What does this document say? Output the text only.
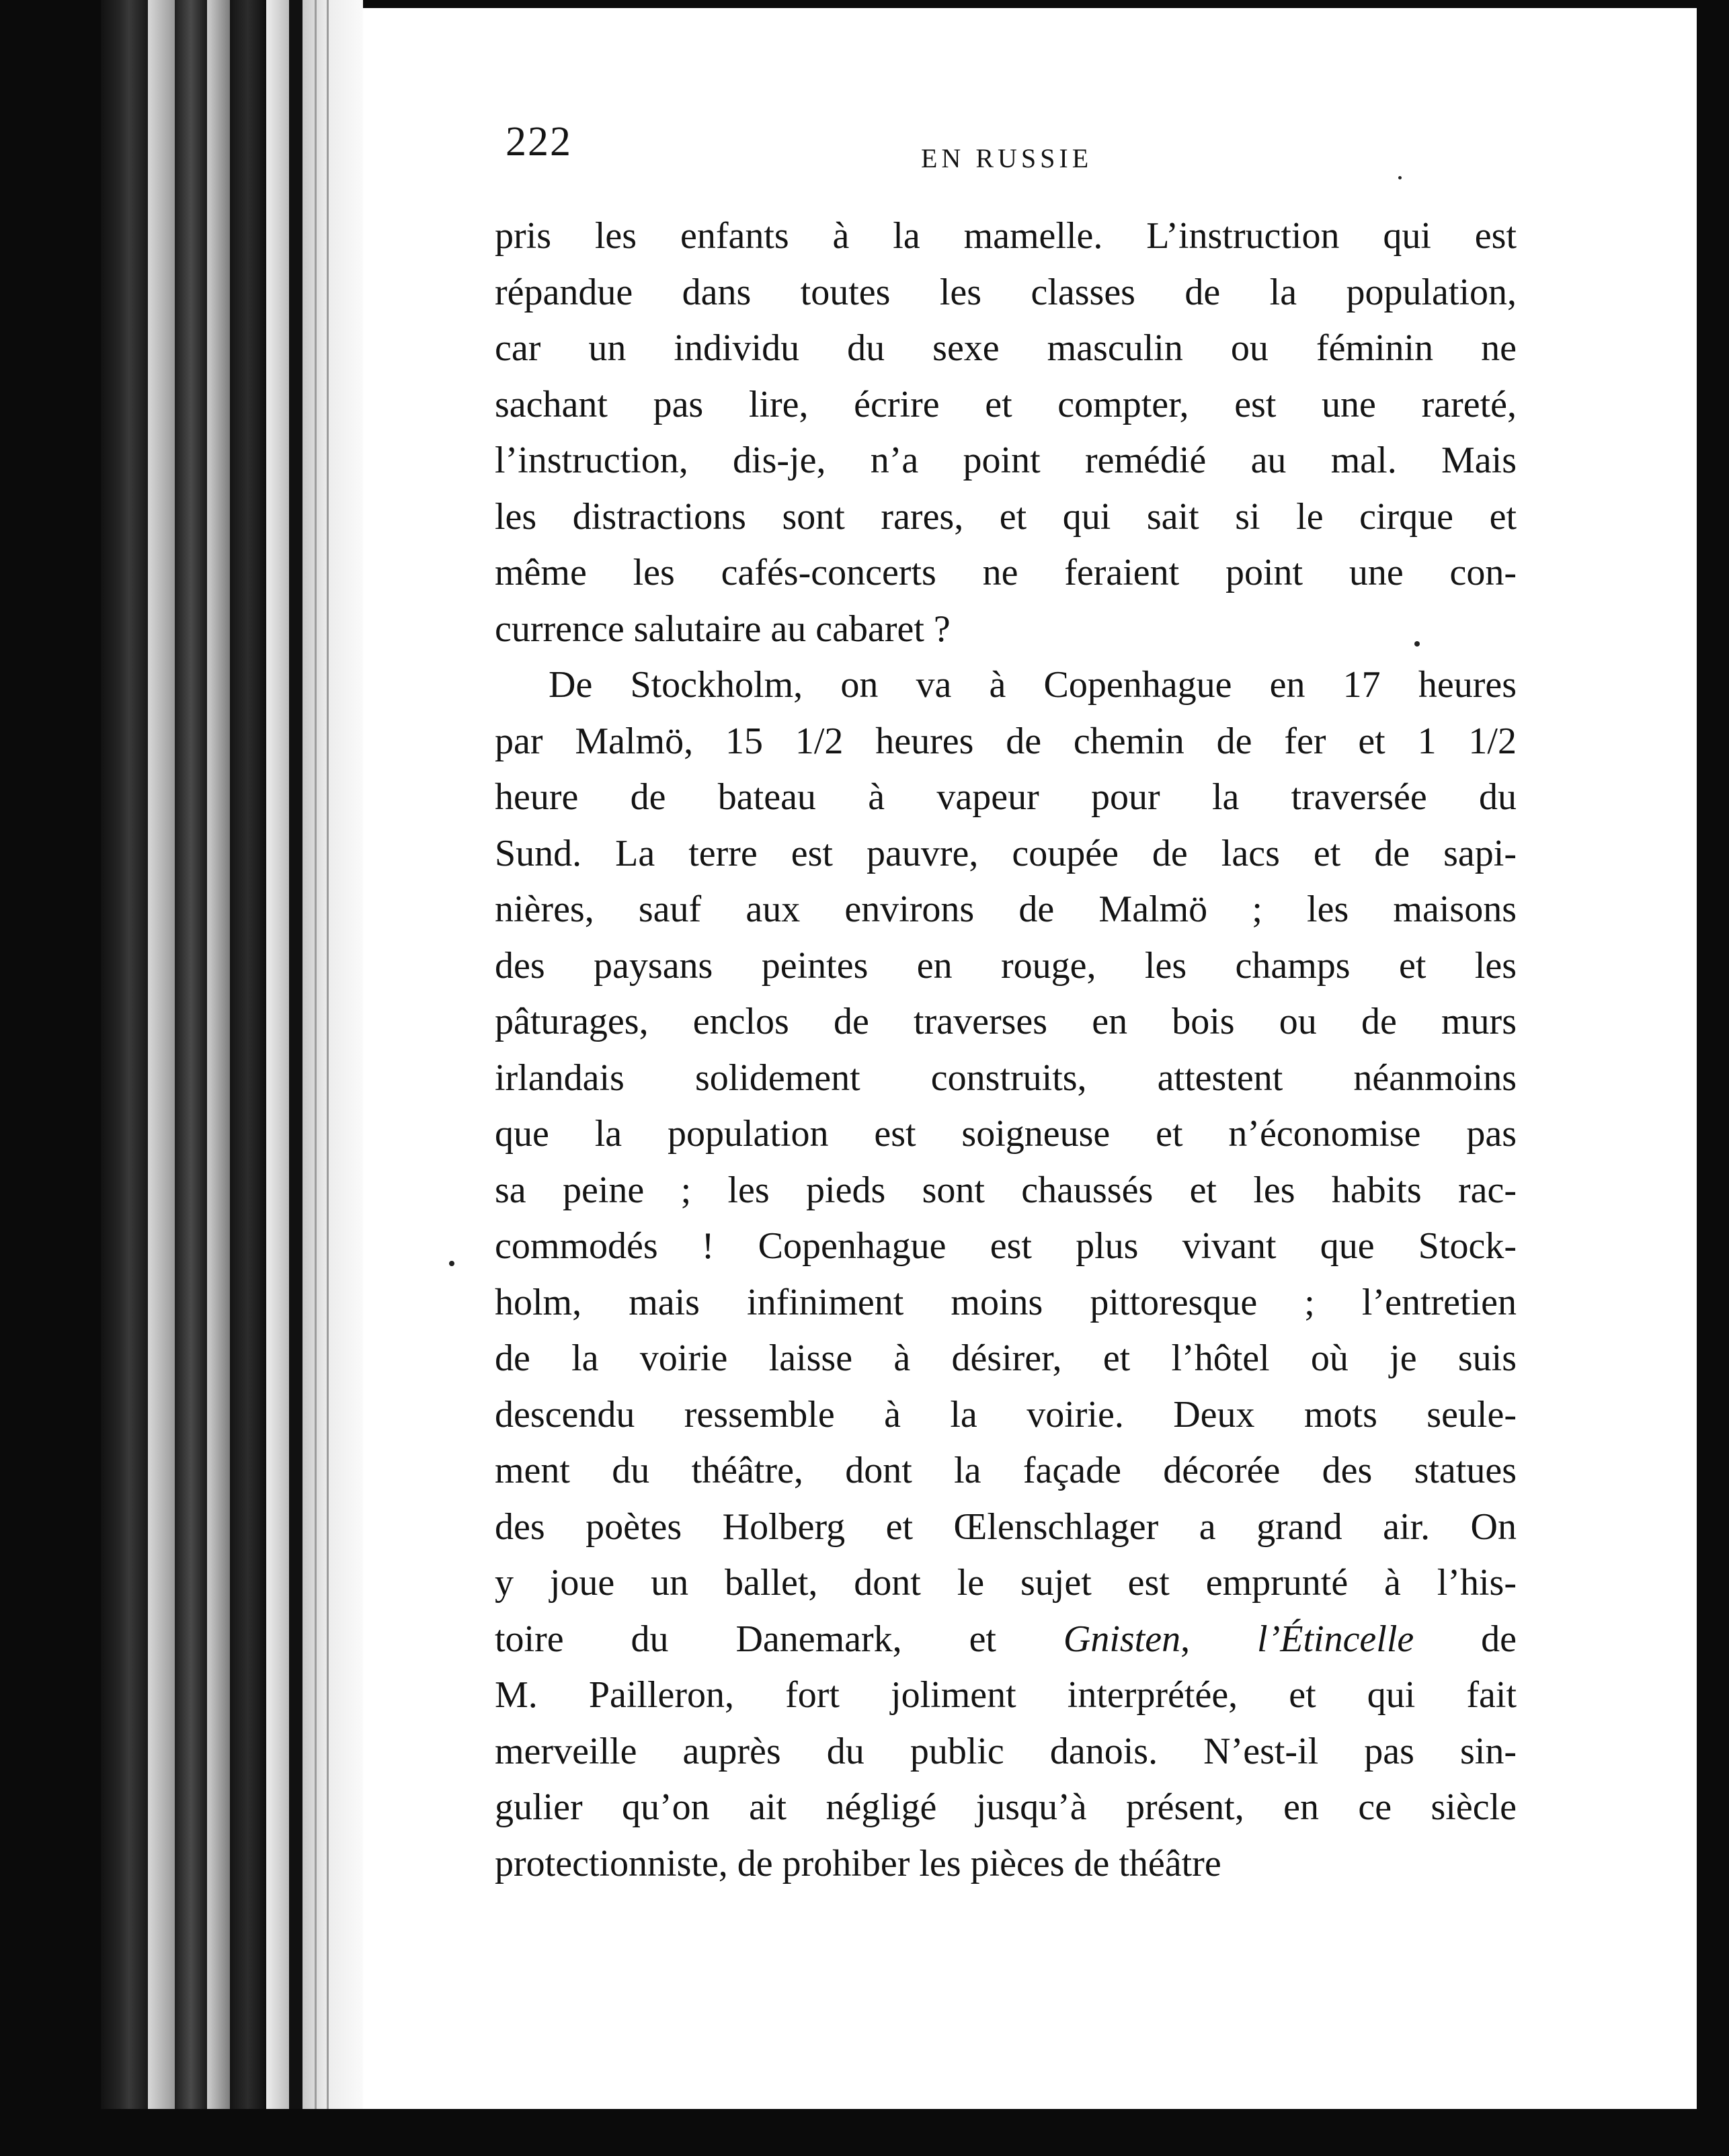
222	EN RUSSIE
pris les enfants à la mamelle. L’instruction qui est
répandue dans toutes les classes de la population,
car un individu du sexe masculin ou féminin ne
sachant pas lire, écrire et compter, est une rareté,
l’instruction, dis-je, n’a point remédié au mal. Mais
les distractions sont rares, et qui sait si le cirque et
même les cafés-concerts ne feraient point une con-
currence salutaire au cabaret ?
De Stockholm, on va à Copenhague en 17 heures
par Malmö, 15 1/2 heures de chemin de fer et 1 1/2
heure de bateau à vapeur pour la traversée du
Sund. La terre est pauvre, coupée de lacs et de sapi-
nières, sauf aux environs de Malmö ; les maisons
des paysans peintes en rouge, les champs et les
pâturages, enclos de traverses en bois ou de murs
irlandais solidement construits, attestent néanmoins
que la population est soigneuse et n’économise pas
sa peine ; les pieds sont chaussés et les habits rac-
commodés ! Copenhague est plus vivant que Stock-
holm, mais infiniment moins pittoresque ; l’entretien
de la voirie laisse à désirer, et l’hôtel où je suis
descendu ressemble à la voirie. Deux mots seule-
ment du théâtre, dont la façade décorée des statues
des poètes Holberg et Œlenschlager a grand air. On
y joue un ballet, dont le sujet est emprunté à l’his-
toire du Danemark, et Gnisten, l’Étincelle de
M. Pailleron, fort joliment interprétée, et qui fait
merveille auprès du public danois. N’est-il pas sin-
gulier qu’on ait négligé jusqu’à présent, en ce siècle
protectionniste, de prohiber les pièces de théâtre
